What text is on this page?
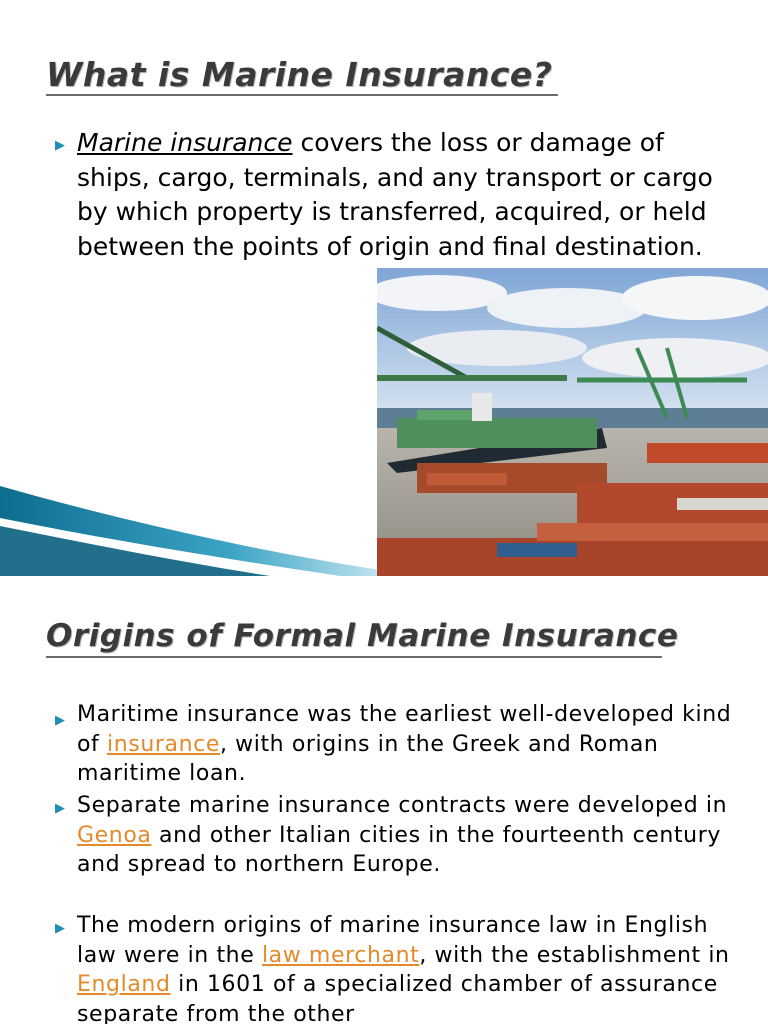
What is Marine Insurance?
▶ Marine insurance covers the loss or damage of ships, cargo, terminals, and any transport or cargo by which property is transferred, acquired, or held between the points of origin and final destination.
Origins of Formal Marine Insurance
▶ Maritime insurance was the earliest well-developed kind of insurance, with origins in the Greek and Roman maritime loan.
▶ Separate marine insurance contracts were developed in Genoa and other Italian cities in the fourteenth century and spread to northern Europe.
▶ The modern origins of marine insurance law in English law were in the law merchant, with the establishment in England in 1601 of a specialized chamber of assurance separate from the other
